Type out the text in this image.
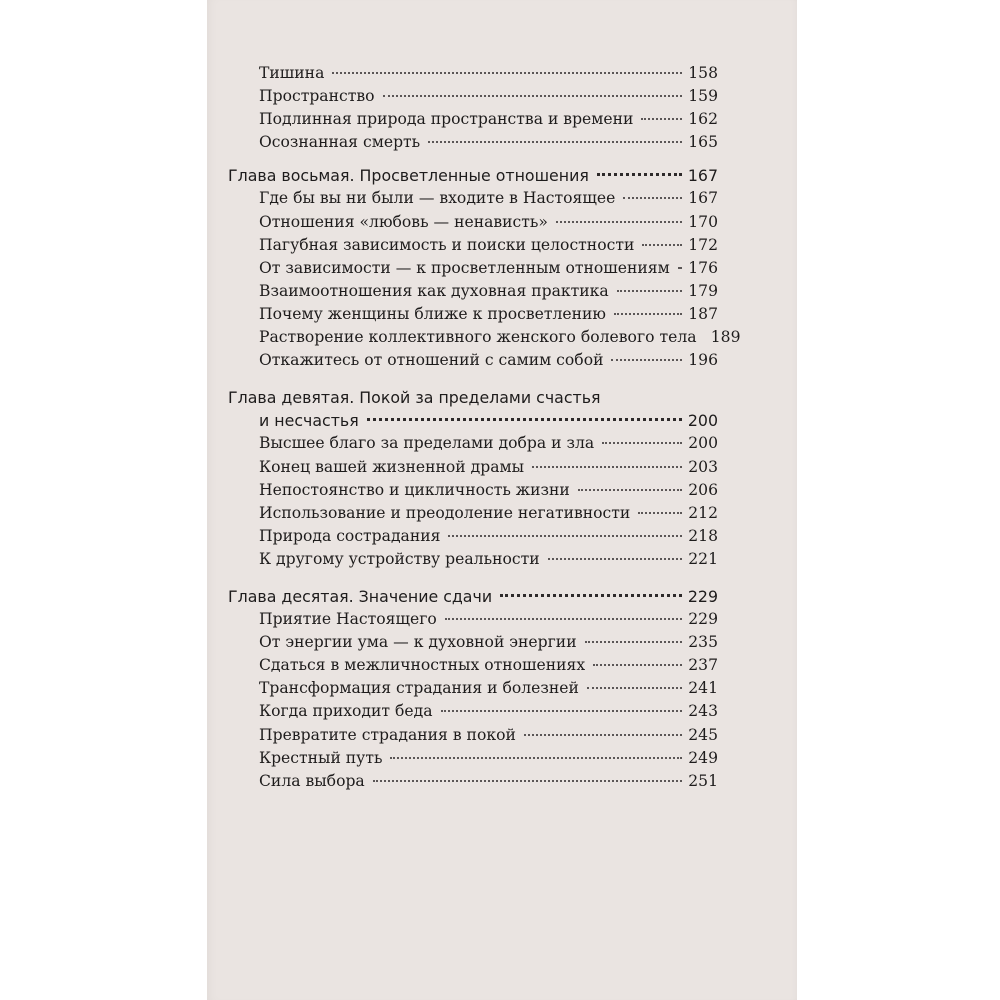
Тишина	158
Пространство	159
Подлинная природа пространства и времени	162
Осознанная смерть	165
Глава восьмая. Просветленные отношения	167
Где бы вы ни были — входите в Настоящее	167
Отношения «любовь — ненависть»	170
Пагубная зависимость и поиски целостности	172
От зависимости — к просветленным отношениям 176
Взаимоотношения как духовная практика	179
Почему женщины ближе к просветлению	187
Растворение коллективного женского болевого тела 189
Откажитесь от отношений с самим собой	196
Глава девятая. Покой за пределами счастья
и несчастья	200
Высшее благо за пределами добра и зла	200
Конец вашей жизненной драмы	203
Непостоянство и цикличность жизни	206
Использование и преодоление негативности	212
Природа сострадания	218
К другому устройству реальности	221
Глава десятая. Значение сдачи	229
Приятие Настоящего	229
От энергии ума — к духовной энергии	235
Сдаться в межличностных отношениях	237
Трансформация страдания и болезней	241
Когда приходит беда	243
Превратите страдания в покой	245
Крестный путь	249
Сила выбора	251
